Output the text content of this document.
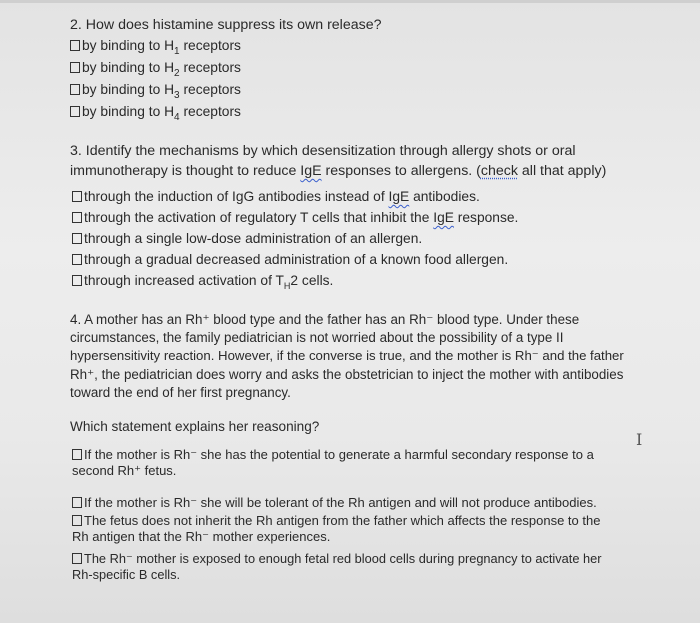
2. How does histamine suppress its own release?
by binding to $H_1$ receptors
by binding to $H_2$ receptors
by binding to $H_3$ receptors
by binding to $H_4$ receptors
3. Identify the mechanisms by which desensitization through allergy shots or oral
immunotherapy is thought to reduce IgE responses to allergens. (check all that apply)
through the induction of IgG antibodies instead of IgE antibodies.
through the activation of regulatory T cells that inhibit the IgE response.
through a single low-dose administration of an allergen.
through a gradual decreased administration of a known food allergen.
through increased activation of $T_H2$ cells.
4. A mother has an Rh⁺ blood type and the father has an Rh⁻ blood type. Under these
circumstances, the family pediatrician is not worried about the possibility of a type II
hypersensitivity reaction. However, if the converse is true, and the mother is Rh⁻ and the father
Rh⁺, the pediatrician does worry and asks the obstetrician to inject the mother with antibodies
toward the end of her first pregnancy.
Which statement explains her reasoning?
I
If the mother is Rh⁻ she has the potential to generate a harmful secondary response to a
second Rh⁺ fetus.
If the mother is Rh⁻ she will be tolerant of the Rh antigen and will not produce antibodies.
The fetus does not inherit the Rh antigen from the father which affects the response to the
Rh antigen that the Rh⁻ mother experiences.
The Rh⁻ mother is exposed to enough fetal red blood cells during pregnancy to activate her
Rh-specific B cells.
